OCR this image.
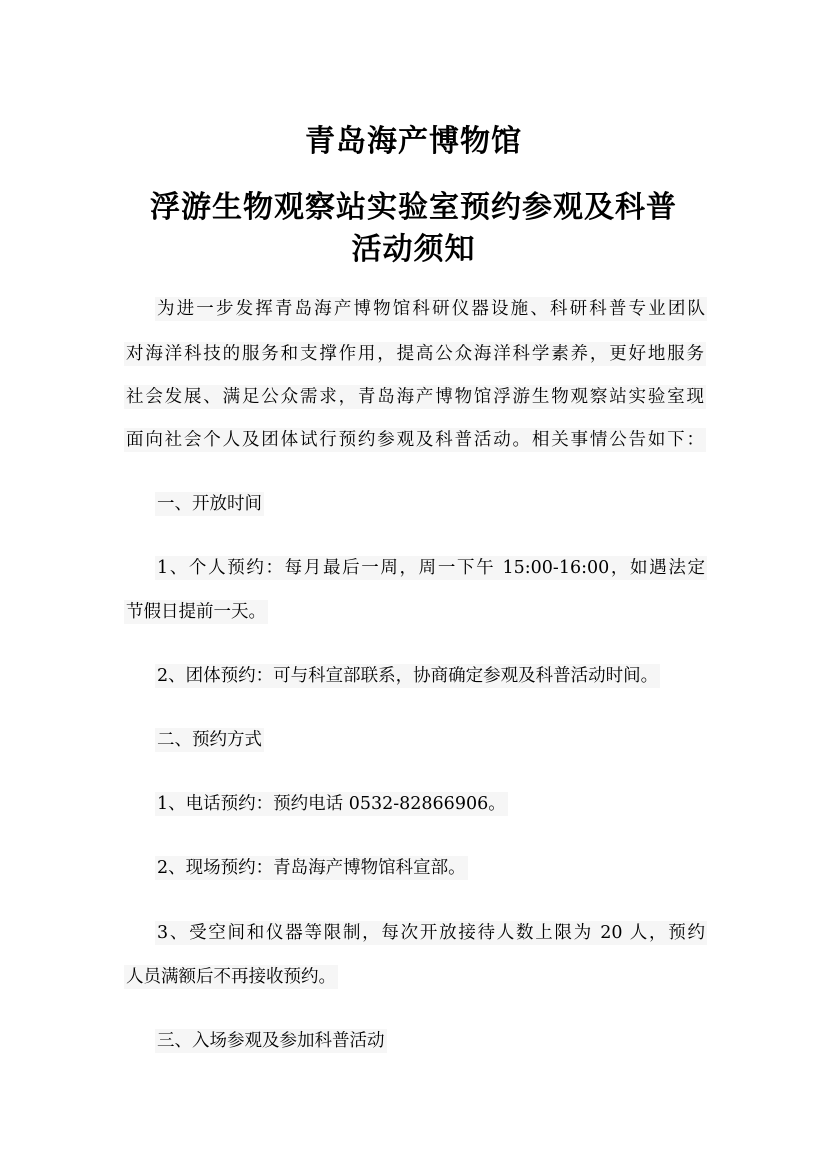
青岛海产博物馆
浮游生物观察站实验室预约参观及科普
活动须知
为进一步发挥青岛海产博物馆科研仪器设施、科研科普专业团队
对海洋科技的服务和支撑作用，提高公众海洋科学素养，更好地服务
社会发展、满足公众需求，青岛海产博物馆浮游生物观察站实验室现
面向社会个人及团体试行预约参观及科普活动。相关事情公告如下：
一、开放时间
1、个人预约：每月最后一周，周一下午 15:00-16:00，如遇法定
节假日提前一天。
2、团体预约：可与科宣部联系，协商确定参观及科普活动时间。
二、预约方式
1、电话预约：预约电话 0532-82866906。
2、现场预约：青岛海产博物馆科宣部。
3、受空间和仪器等限制，每次开放接待人数上限为 20 人，预约
人员满额后不再接收预约。
三、入场参观及参加科普活动
